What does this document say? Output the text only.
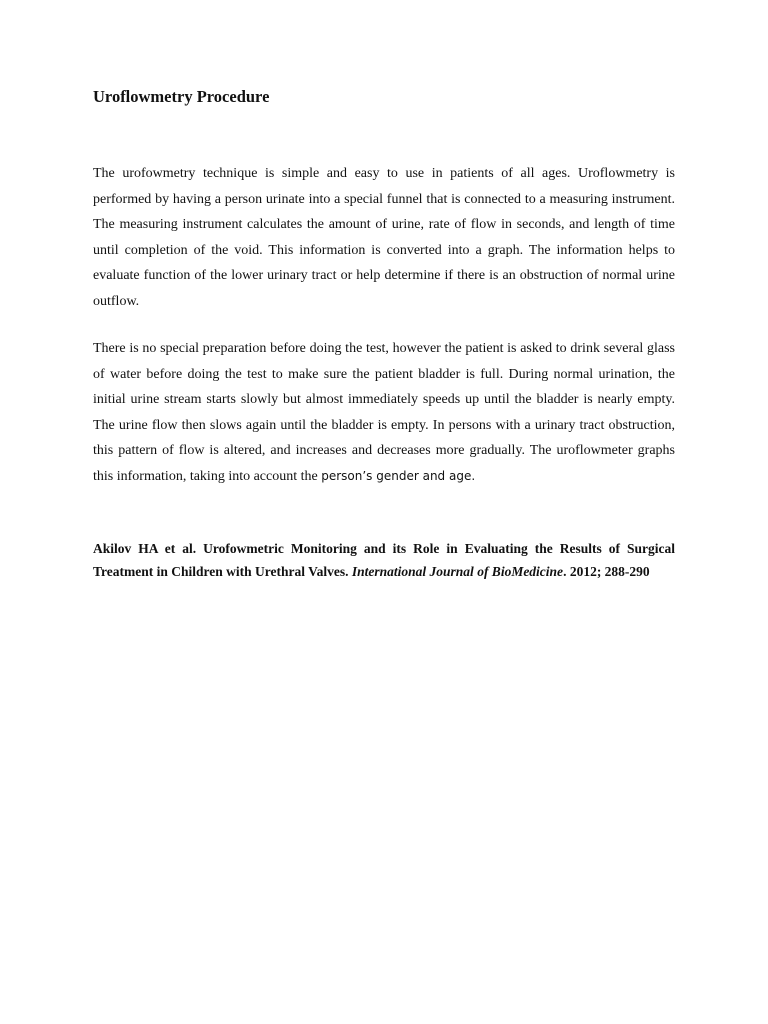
Uroflowmetry Procedure

The urofowmetry technique is simple and easy to use in patients of all ages. Uroflowmetry is performed by having a person urinate into a special funnel that is connected to a measuring instrument. The measuring instrument calculates the amount of urine, rate of flow in seconds, and length of time until completion of the void. This information is converted into a graph. The information helps to evaluate function of the lower urinary tract or help determine if there is an obstruction of normal urine outflow.

There is no special preparation before doing the test, however the patient is asked to drink several glass of water before doing the test to make sure the patient bladder is full. During normal urination, the initial urine stream starts slowly but almost immediately speeds up until the bladder is nearly empty. The urine flow then slows again until the bladder is empty. In persons with a urinary tract obstruction, this pattern of flow is altered, and increases and decreases more gradually. The uroflowmeter graphs this information, taking into account the person’s gender and age.

Akilov HA et al. Urofowmetric Monitoring and its Role in Evaluating the Results of Surgical Treatment in Children with Urethral Valves. International Journal of BioMedicine. 2012; 288-290
